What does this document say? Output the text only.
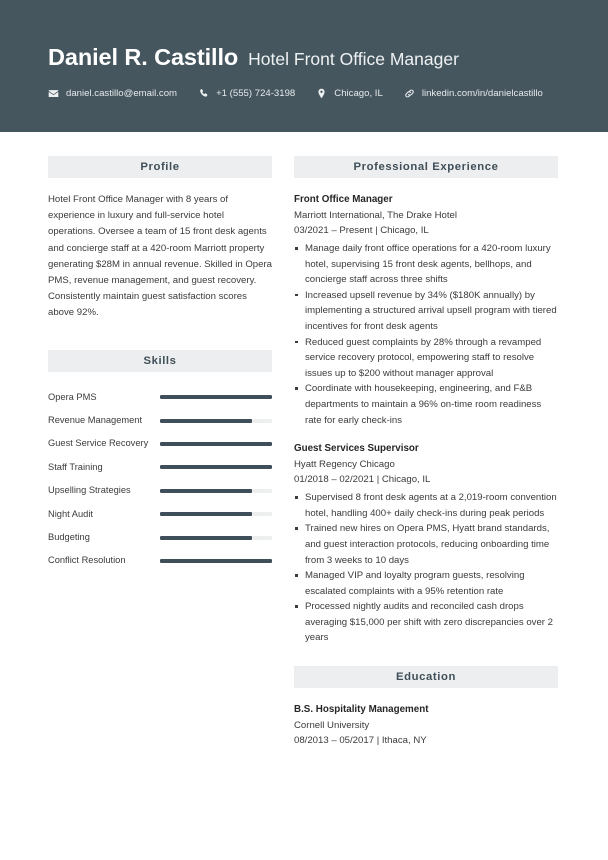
Daniel R. Castillo Hotel Front Office Manager
daniel.castillo@email.com	+1 (555) 724-3198	Chicago, IL	linkedin.com/in/danielcastillo
Profile

Hotel Front Office Manager with 8 years of experience in luxury and full-service hotel operations. Oversee a team of 15 front desk agents and concierge staff at a 420-room Marriott property generating $28M in annual revenue. Skilled in Opera PMS, revenue management, and guest recovery. Consistently maintain guest satisfaction scores above 92%.

Skills
Opera PMS
Revenue Management
Guest Service Recovery
Staff Training
Upselling Strategies
Night Audit
Budgeting
Conflict Resolution
Professional Experience
Front Office Manager
Marriott International, The Drake Hotel
03/2021 – Present | Chicago, IL
Manage daily front office operations for a 420-room luxury hotel, supervising 15 front desk agents, bellhops, and concierge staff across three shifts
Increased upsell revenue by 34% ($180K annually) by implementing a structured arrival upsell program with tiered incentives for front desk agents
Reduced guest complaints by 28% through a revamped service recovery protocol, empowering staff to resolve issues up to $200 without manager approval
Coordinate with housekeeping, engineering, and F&B departments to maintain a 96% on-time room readiness rate for early check-ins
Guest Services Supervisor
Hyatt Regency Chicago
01/2018 – 02/2021 | Chicago, IL
Supervised 8 front desk agents at a 2,019-room convention hotel, handling 400+ daily check-ins during peak periods
Trained new hires on Opera PMS, Hyatt brand standards, and guest interaction protocols, reducing onboarding time from 3 weeks to 10 days
Managed VIP and loyalty program guests, resolving escalated complaints with a 95% retention rate
Processed nightly audits and reconciled cash drops averaging $15,000 per shift with zero discrepancies over 2 years
Education
B.S. Hospitality Management
Cornell University
08/2013 – 05/2017 | Ithaca, NY
